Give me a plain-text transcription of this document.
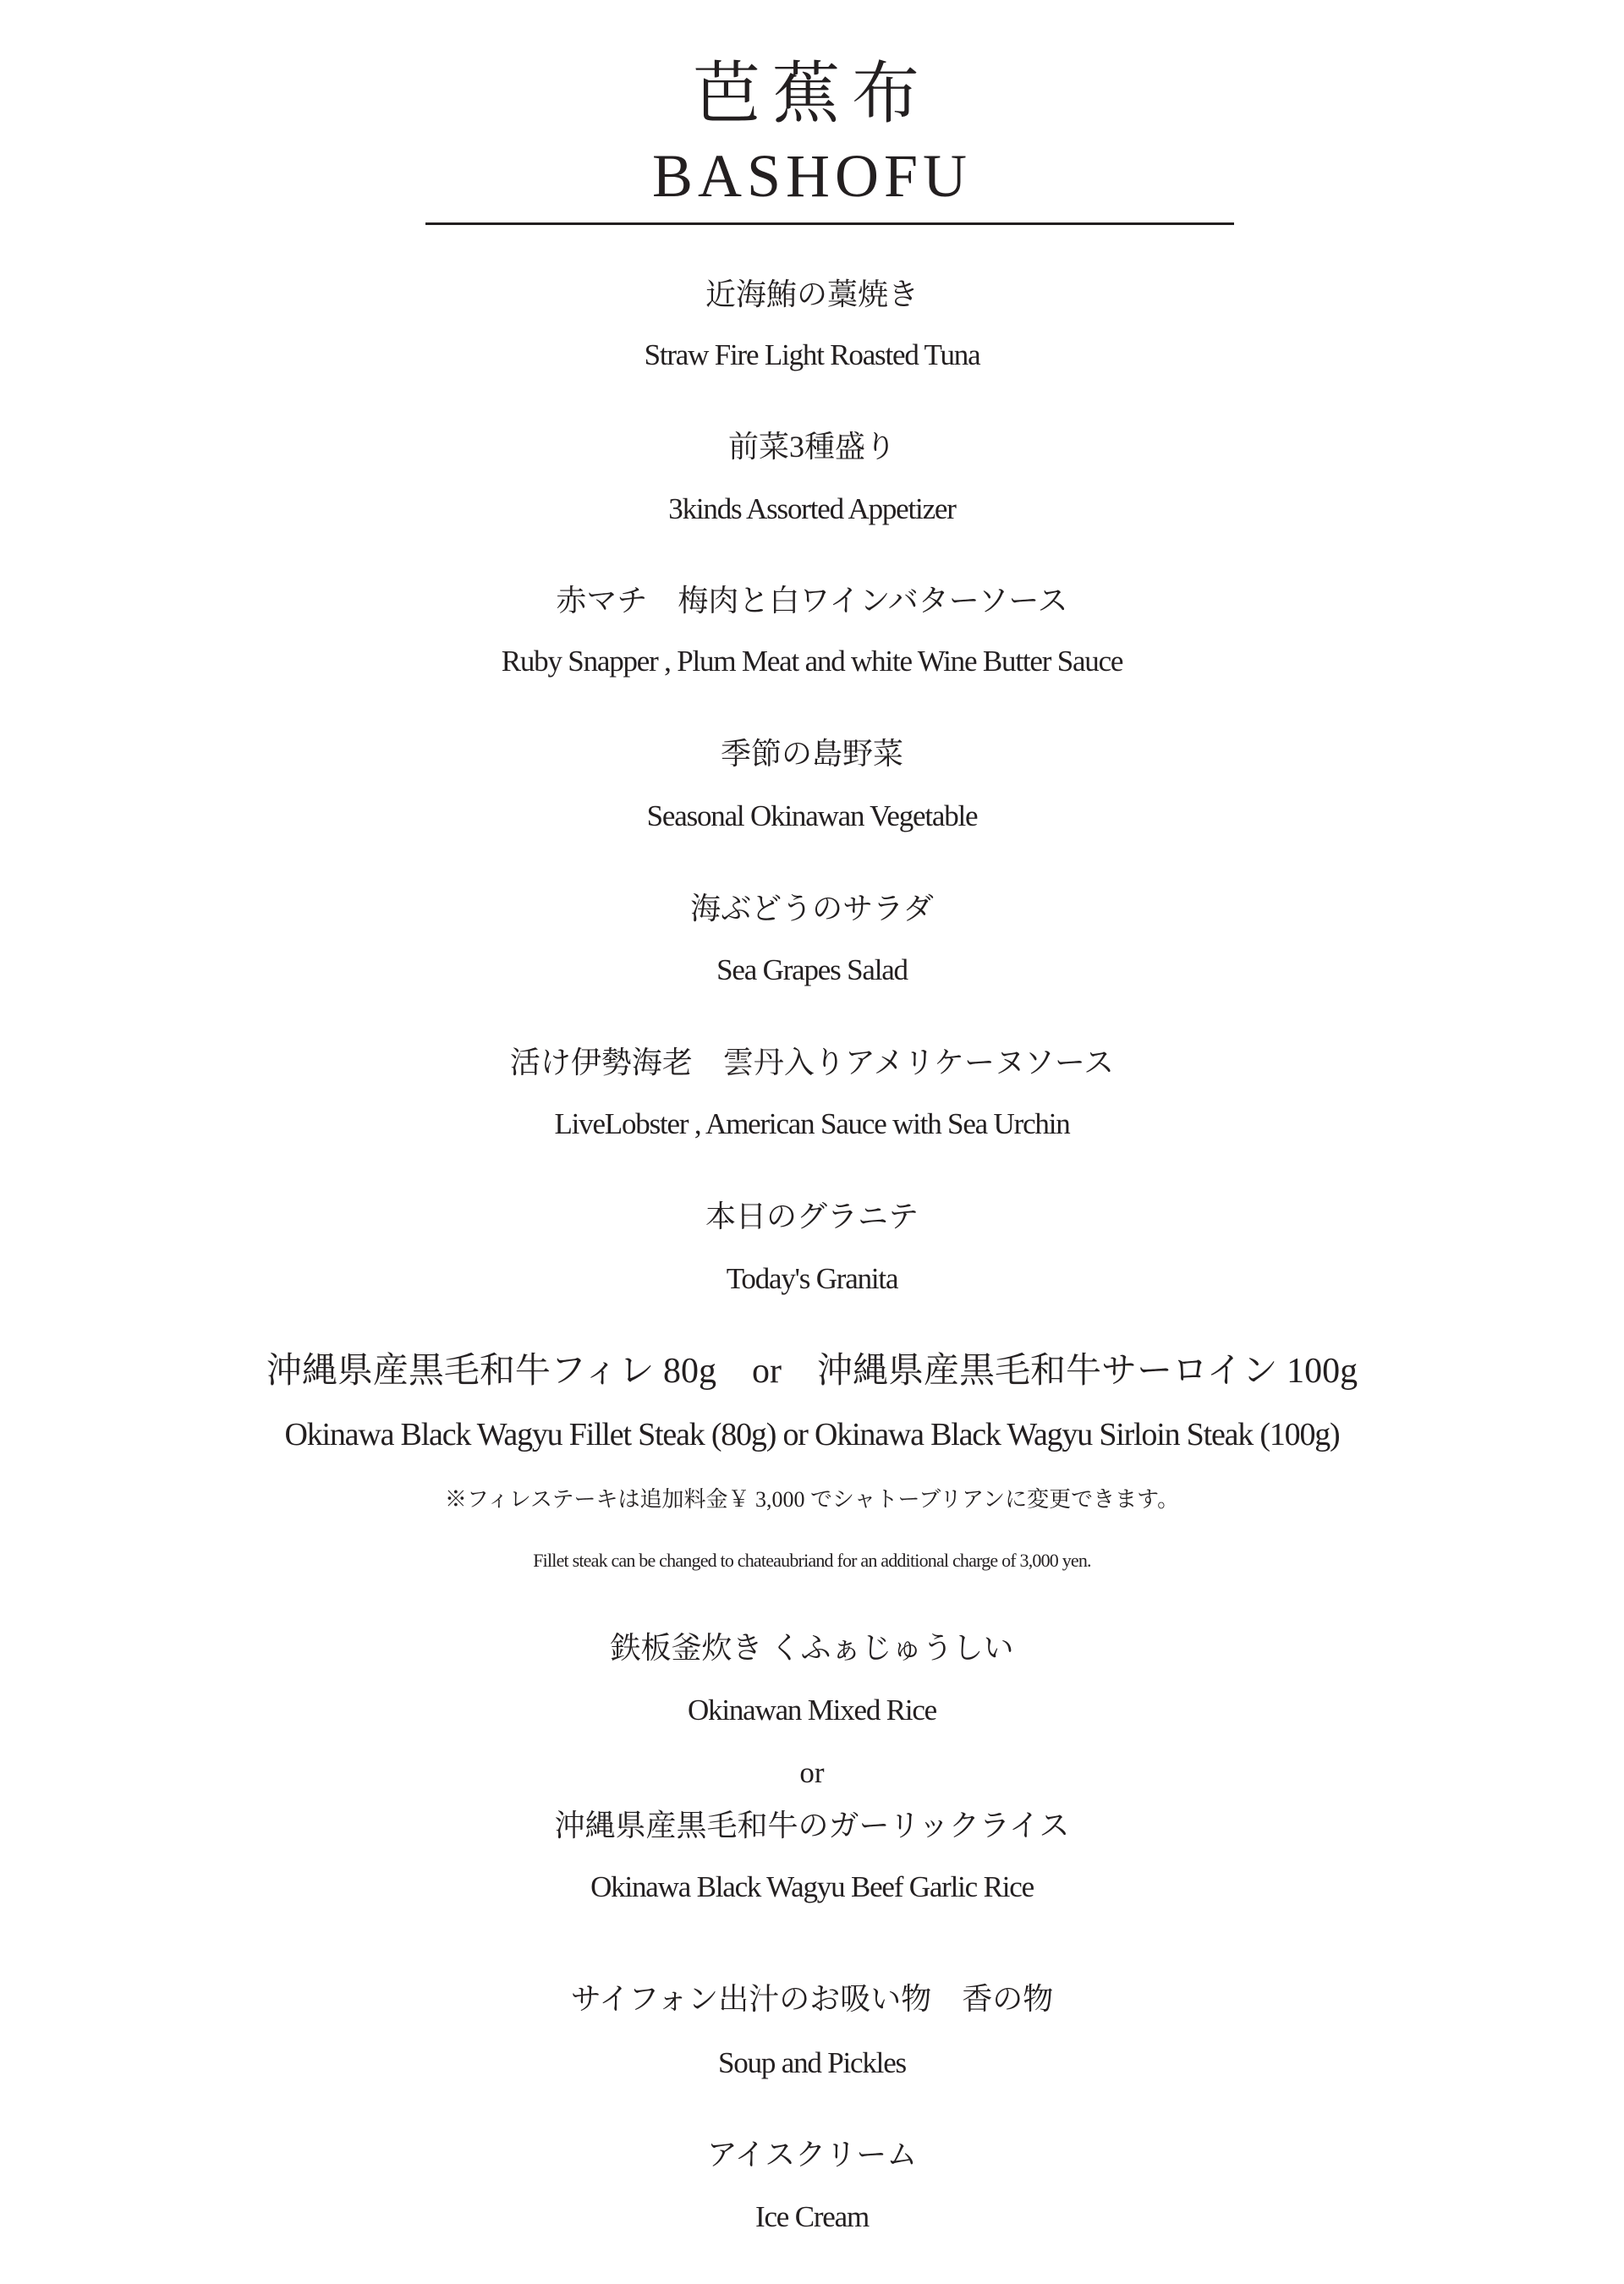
芭蕉布
BASHOFU
近海鮪の藁焼き
Straw Fire Light Roasted Tuna
前菜3種盛り
3kinds Assorted Appetizer
赤マチ　梅肉と白ワインバターソース
Ruby Snapper , Plum Meat and white Wine Butter Sauce
季節の島野菜
Seasonal Okinawan Vegetable
海ぶどうのサラダ
Sea Grapes Salad
活け伊勢海老　雲丹入りアメリケーヌソース
LiveLobster , American Sauce with Sea Urchin
本日のグラニテ
Today's Granita
沖縄県産黒毛和牛フィレ 80g　or　沖縄県産黒毛和牛サーロイン 100g
Okinawa Black Wagyu Fillet Steak (80g) or Okinawa Black Wagyu Sirloin Steak (100g)
※フィレステーキは追加料金￥ 3,000 でシャトーブリアンに変更できます。
Fillet steak can be changed to chateaubriand for an additional charge of 3,000 yen.
鉄板釜炊き くふぁじゅうしい
Okinawan Mixed Rice
or
沖縄県産黒毛和牛のガーリックライス
Okinawa Black Wagyu Beef Garlic Rice
サイフォン出汁のお吸い物　香の物
Soup and Pickles
アイスクリーム
Ice Cream
